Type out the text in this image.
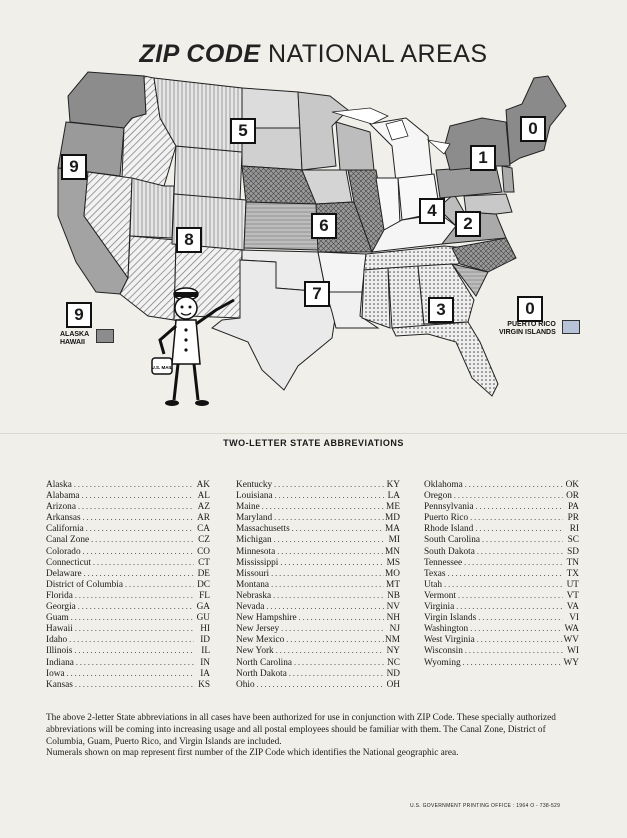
ZIP CODE NATIONAL AREAS
0
1
2
3
4
5
6
7
8
9
9
ALASKA
HAWAII
0
PUERTO RICO
VIRGIN ISLANDS
U.S. MAIL
TWO-LETTER STATE ABBREVIATIONS
Alaska .....	AK
Alabama .....	AL
Arizona .....	AZ
Arkansas .....	AR
California .....	CA
Canal Zone .....	CZ
Colorado .....	CO
Connecticut .....	CT
Delaware .....	DE
District of Columbia .....	DC
Florida .....	FL
Georgia .....	GA
Guam .....	GU
Hawaii .....	HI
Idaho .....	ID
Illinois .....	IL
Indiana .....	IN
Iowa .....	IA
Kansas .....	KS
Kentucky .....	KY
Louisiana .....	LA
Maine .....	ME
Maryland .....	MD
Massachusetts .....	MA
Michigan .....	MI
Minnesota .....	MN
Mississippi .....	MS
Missouri .....	MO
Montana .....	MT
Nebraska .....	NB
Nevada .....	NV
New Hampshire .....	NH
New Jersey .....	NJ
New Mexico .....	NM
New York .....	NY
North Carolina .....	NC
North Dakota .....	ND
Ohio .....	OH
Oklahoma .....	OK
Oregon .....	OR
Pennsylvania .....	PA
Puerto Rico .....	PR
Rhode Island .....	RI
South Carolina .....	SC
South Dakota .....	SD
Tennessee .....	TN
Texas .....	TX
Utah .....	UT
Vermont .....	VT
Virginia .....	VA
Virgin Islands .....	VI
Washington .....	WA
West Virginia .....	WV
Wisconsin .....	WI
Wyoming .....	WY

The above 2-letter State abbreviations in all cases have been authorized for use in conjunction with ZIP Code. These specially authorized abbreviations will be coming into increasing usage and all postal employees should be familiar with them. The Canal Zone, District of Columbia, Guam, Puerto Rico, and Virgin Islands are included.

Numerals shown on map represent first number of the ZIP Code which identifies the National geographic area.

U.S. GOVERNMENT PRINTING OFFICE : 1964 O - 738-529
